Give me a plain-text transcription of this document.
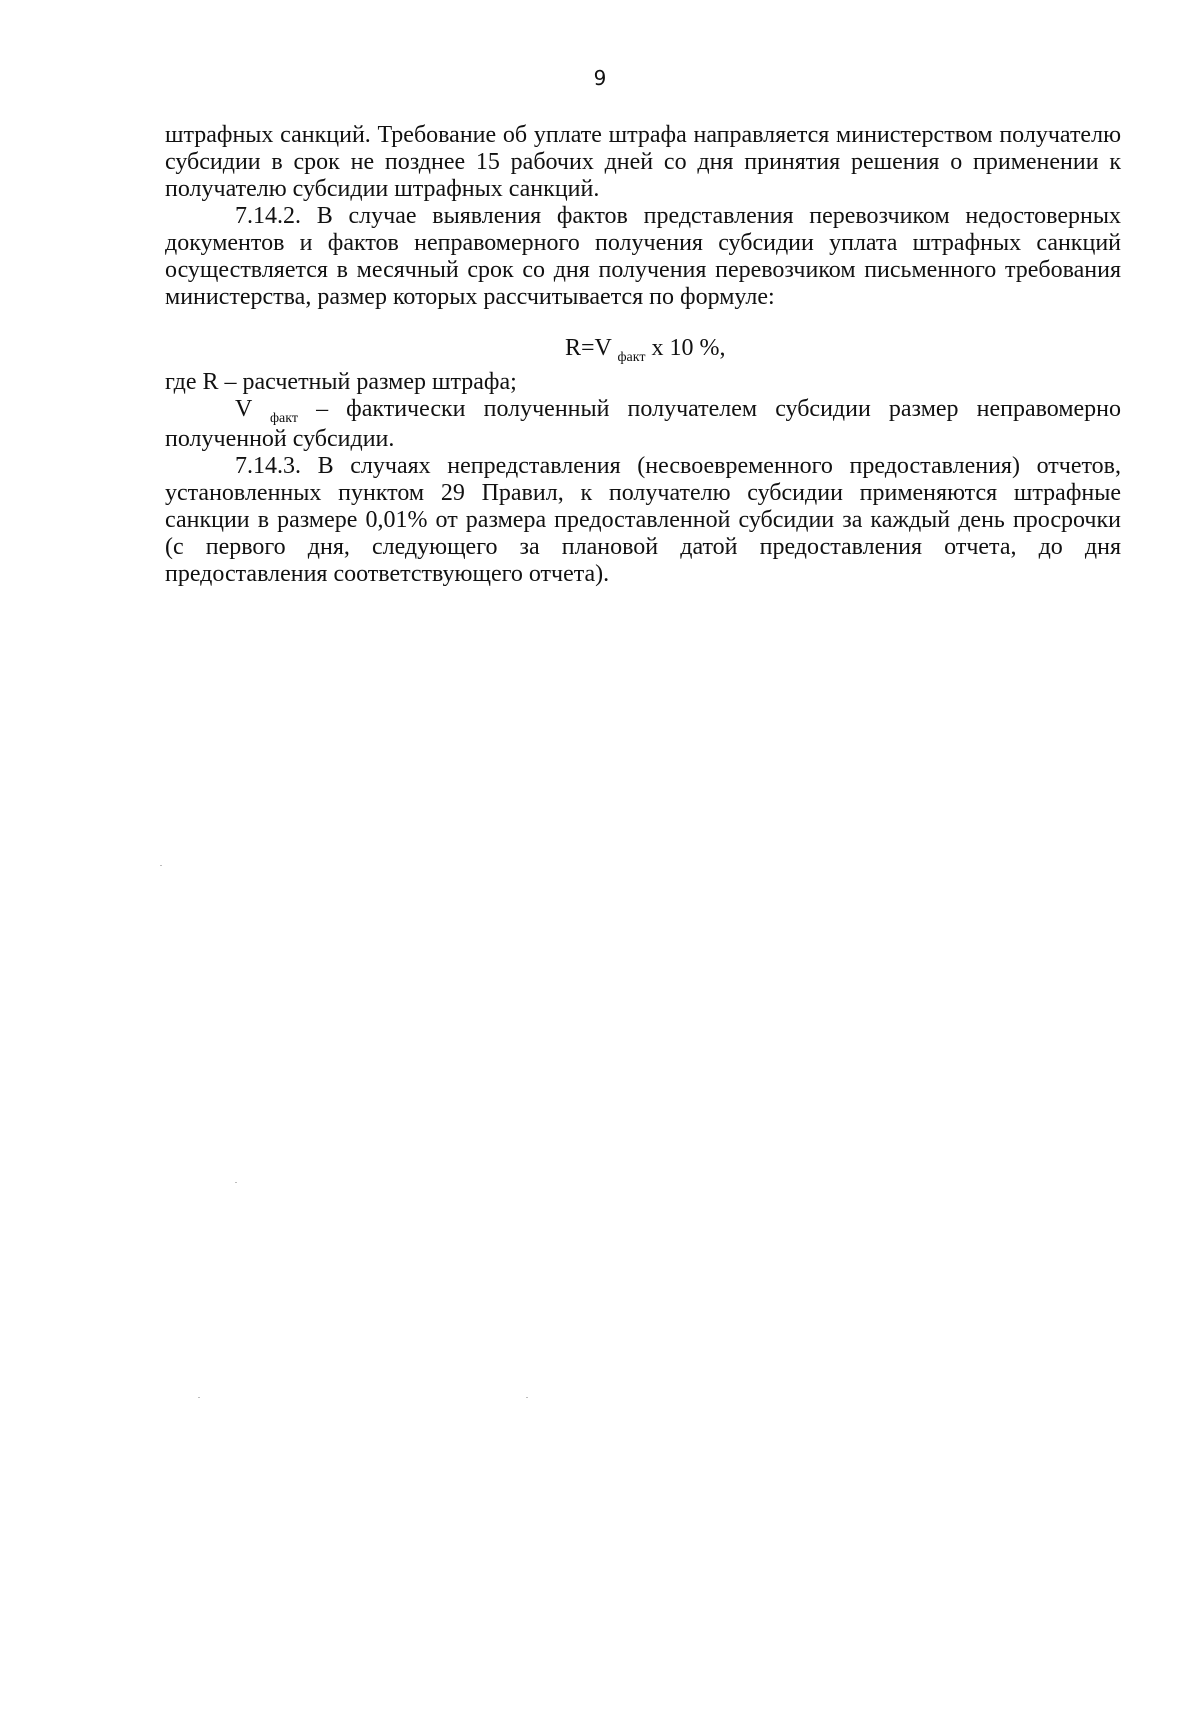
9

штрафных санкций. Требование об уплате штрафа направляется министерством получателю субсидии в срок не позднее 15 рабочих дней со дня принятия решения о применении к получателю субсидии штрафных санкций.

7.14.2. В случае выявления фактов представления перевозчиком недостоверных документов и фактов неправомерного получения субсидии уплата штрафных санкций осуществляется в месячный срок со дня получения перевозчиком письменного требования министерства, размер которых рассчитывается по формуле:

R=V $_{факт}$ x 10 %,

где R – расчетный размер штрафа;

V $_{факт}$ – фактически полученный получателем субсидии размер неправомерно полученной субсидии.

7.14.3. В случаях непредставления (несвоевременного предоставления) отчетов, установленных пунктом 29 Правил, к получателю субсидии применяются штрафные санкции в размере 0,01% от размера предоставленной субсидии за каждый день просрочки (с первого дня, следующего за плановой датой предоставления отчета, до дня предоставления соответствующего отчета).
